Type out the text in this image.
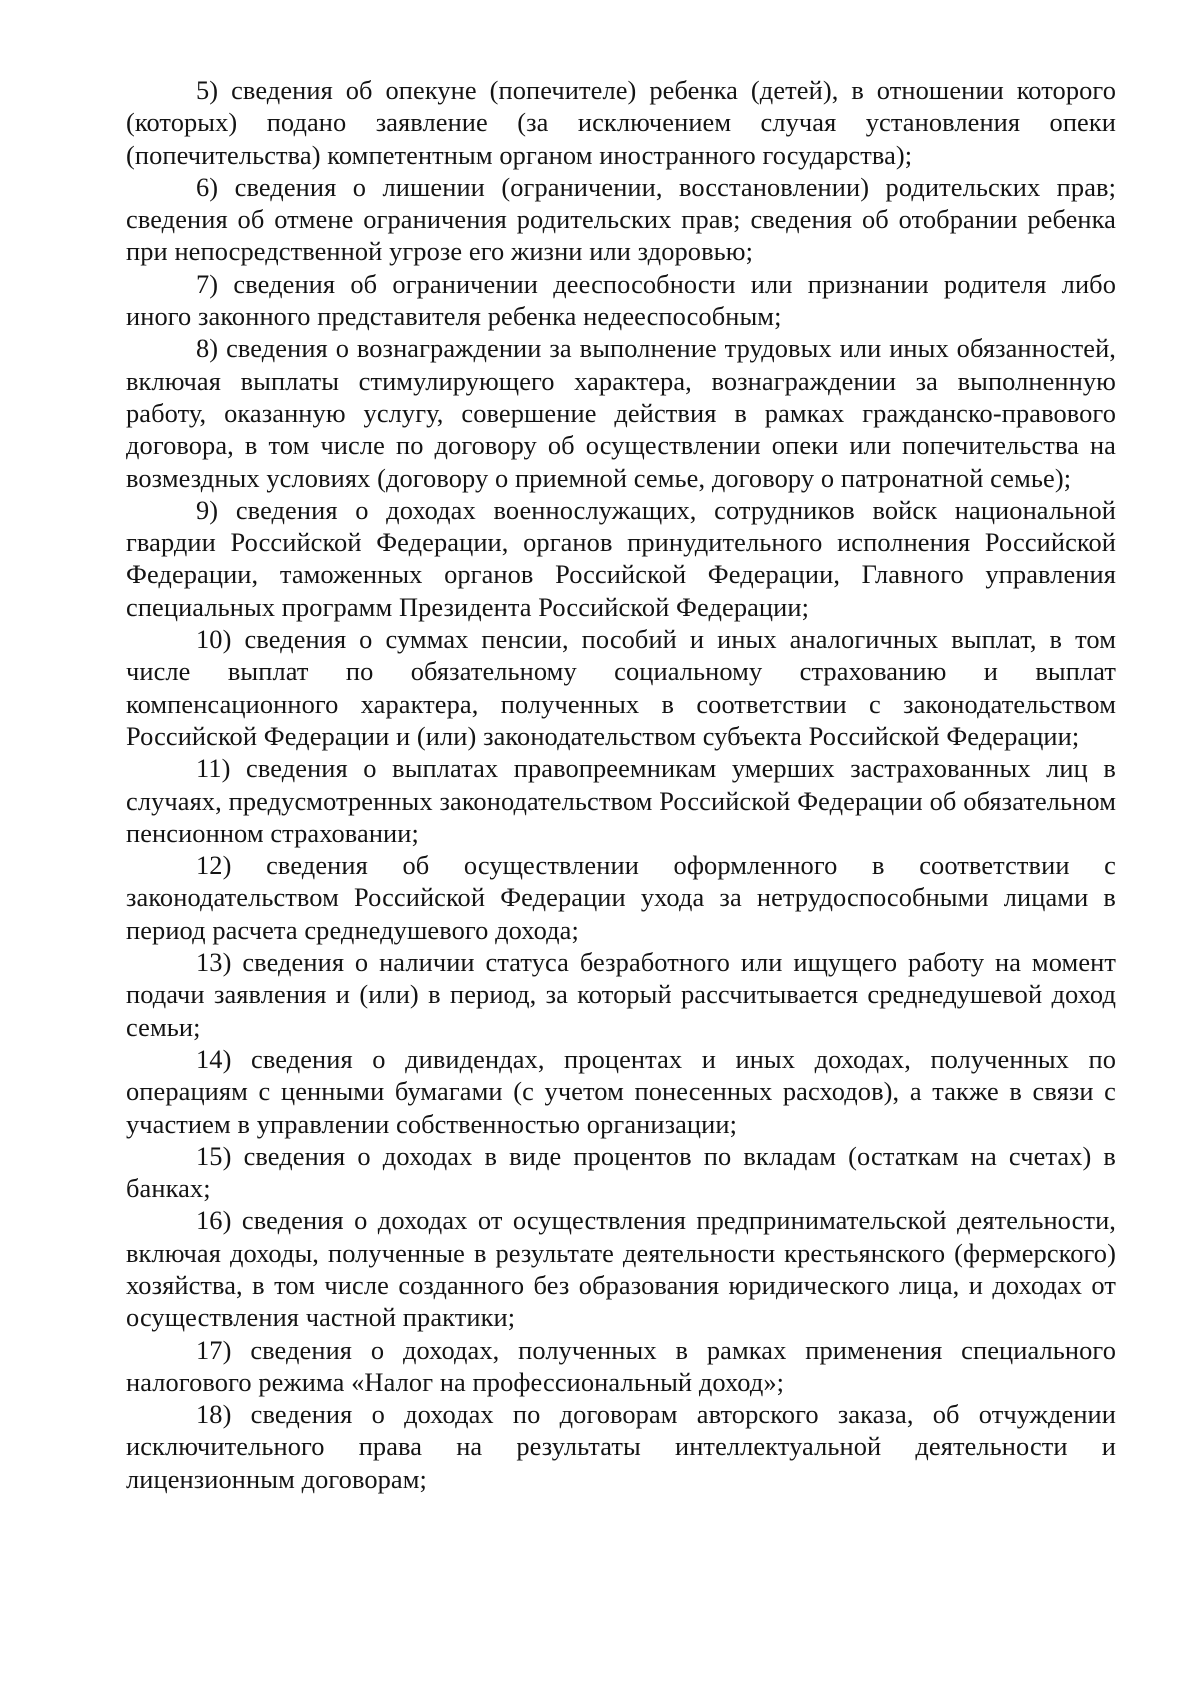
5) сведения об опекуне (попечителе) ребенка (детей), в отношении которого (которых) подано заявление (за исключением случая установления опеки (попечительства) компетентным органом иностранного государства);

6) сведения о лишении (ограничении, восстановлении) родительских прав; сведения об отмене ограничения родительских прав; сведения об отобрании ребенка при непосредственной угрозе его жизни или здоровью;

7) сведения об ограничении дееспособности или признании родителя либо иного законного представителя ребенка недееспособным;

8) сведения о вознаграждении за выполнение трудовых или иных обязанностей, включая выплаты стимулирующего характера, вознаграждении за выполненную работу, оказанную услугу, совершение действия в рамках гражданско-правового договора, в том числе по договору об осуществлении опеки или попечительства на возмездных условиях (договору о приемной семье, договору о патронатной семье);

9) сведения о доходах военнослужащих, сотрудников войск национальной гвардии Российской Федерации, органов принудительного исполнения Российской Федерации, таможенных органов Российской Федерации, Главного управления специальных программ Президента Российской Федерации;

10) сведения о суммах пенсии, пособий и иных аналогичных выплат, в том числе выплат по обязательному социальному страхованию и выплат компенсационного характера, полученных в соответствии с законодательством Российской Федерации и (или) законодательством субъекта Российской Федерации;

11) сведения о выплатах правопреемникам умерших застрахованных лиц в случаях, предусмотренных законодательством Российской Федерации об обязательном пенсионном страховании;

12) сведения об осуществлении оформленного в соответствии с законодательством Российской Федерации ухода за нетрудоспособными лицами в период расчета среднедушевого дохода;

13) сведения о наличии статуса безработного или ищущего работу на момент подачи заявления и (или) в период, за который рассчитывается среднедушевой доход семьи;

14) сведения о дивидендах, процентах и иных доходах, полученных по операциям с ценными бумагами (с учетом понесенных расходов), а также в связи с участием в управлении собственностью организации;

15) сведения о доходах в виде процентов по вкладам (остаткам на счетах) в банках;

16) сведения о доходах от осуществления предпринимательской деятельности, включая доходы, полученные в результате деятельности крестьянского (фермерского) хозяйства, в том числе созданного без образования юридического лица, и доходах от осуществления частной практики;

17) сведения о доходах, полученных в рамках применения специального налогового режима «Налог на профессиональный доход»;

18) сведения о доходах по договорам авторского заказа, об отчуждении исключительного права на результаты интеллектуальной деятельности и лицензионным договорам;
